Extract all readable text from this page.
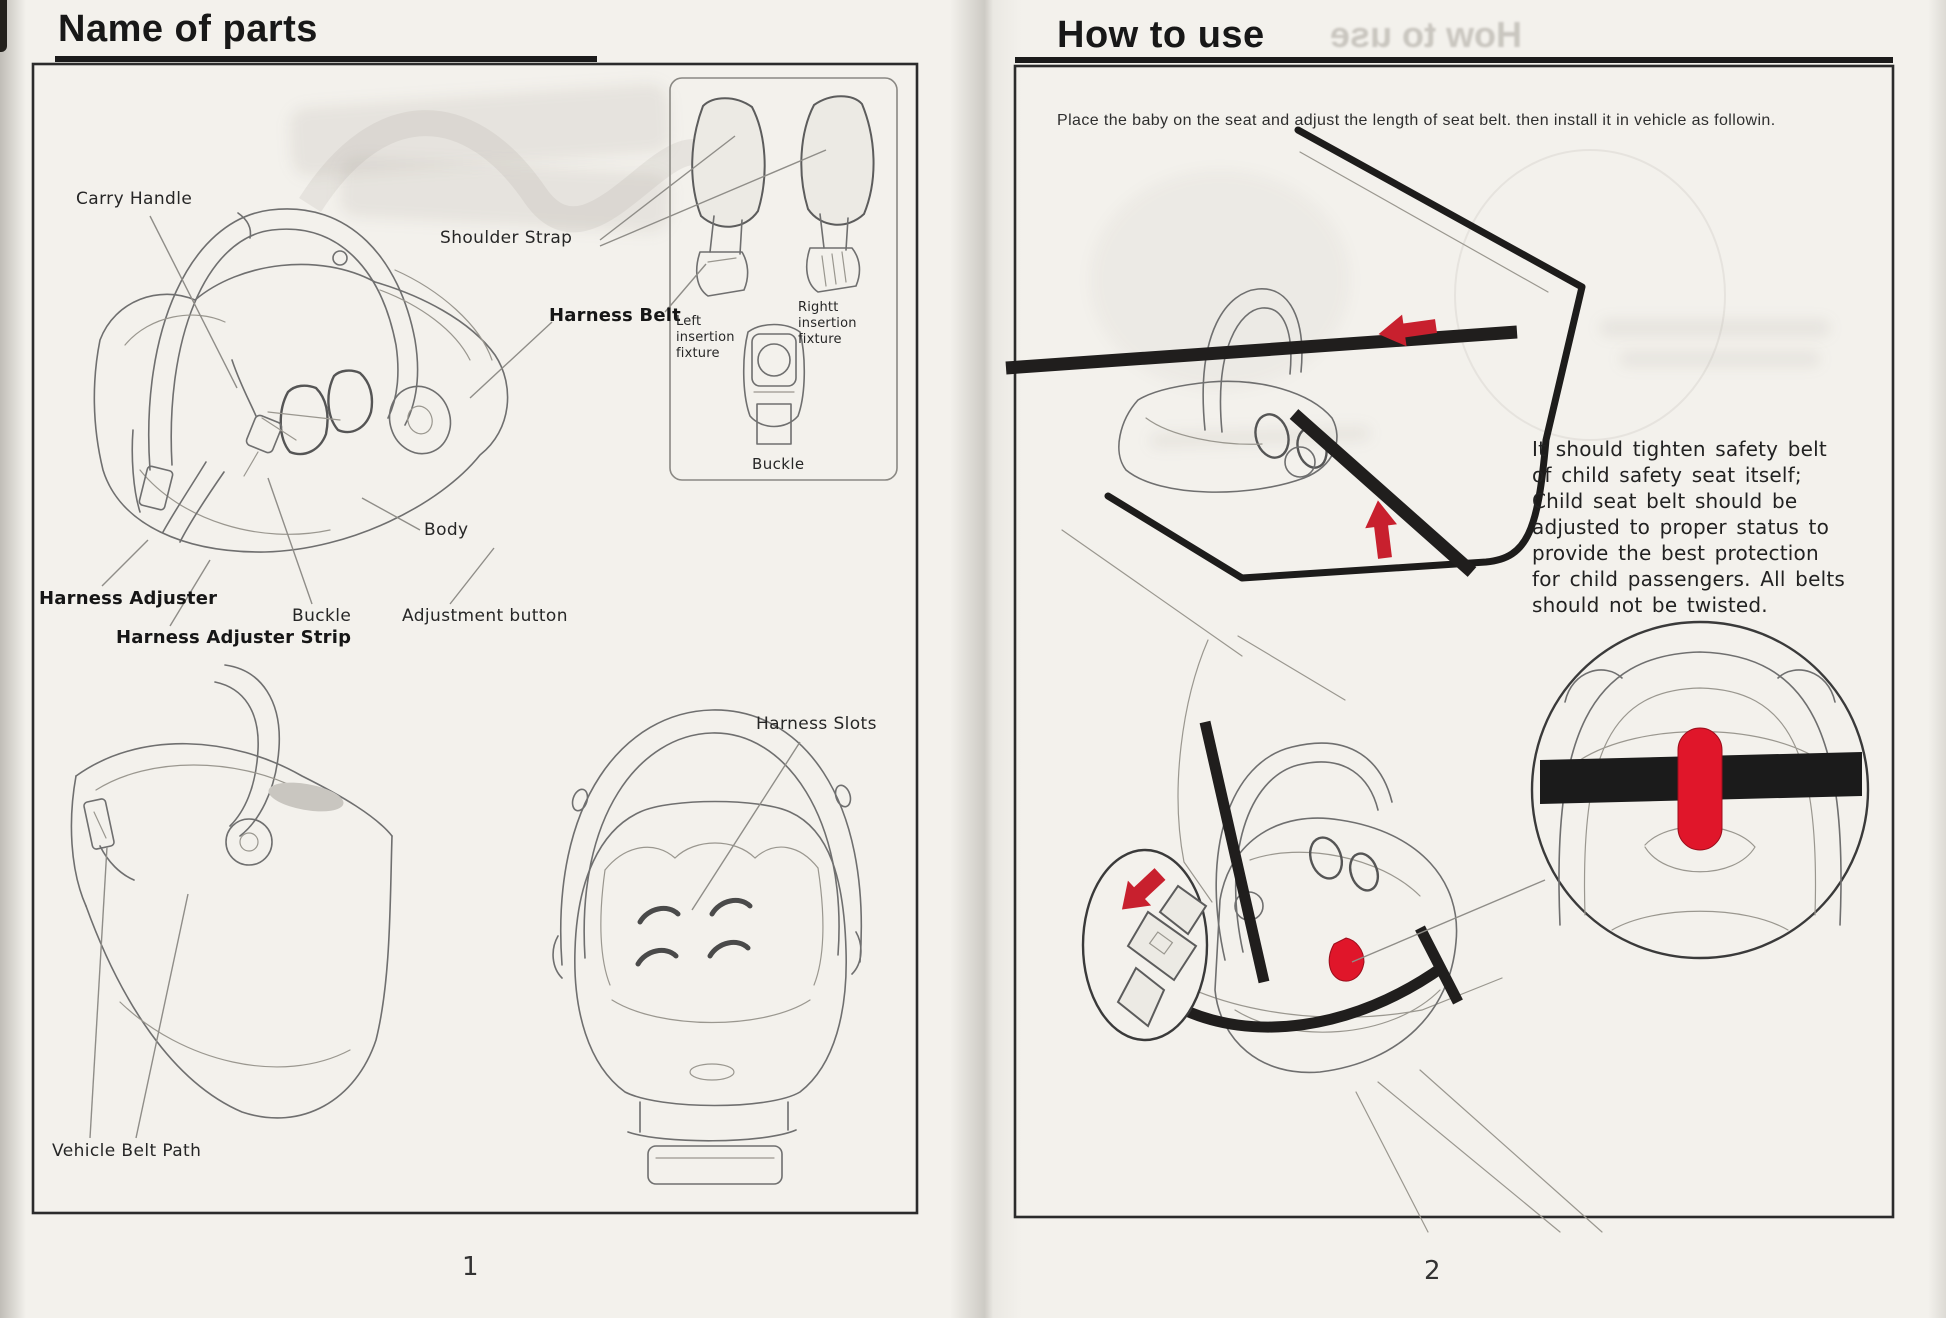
Name of parts	How to use How to use
Carry Handle
Shoulder Strap
Harness Belt
Body
Buckle	Adjustment button
Harness Adjuster
Harness Adjuster Strip
Harness Slots
Vehicle Belt Path
Left insertion
fixture
Rightt insertion
fixture
Buckle
Place the baby on the seat and adjust the length of seat belt. then install it in vehicle as followin.
It should tighten safety belt
of child safety seat itself;
Child seat belt should be
adjusted to proper status to
provide the best protection
for child passengers. All belts
should not be twisted.
1	2
